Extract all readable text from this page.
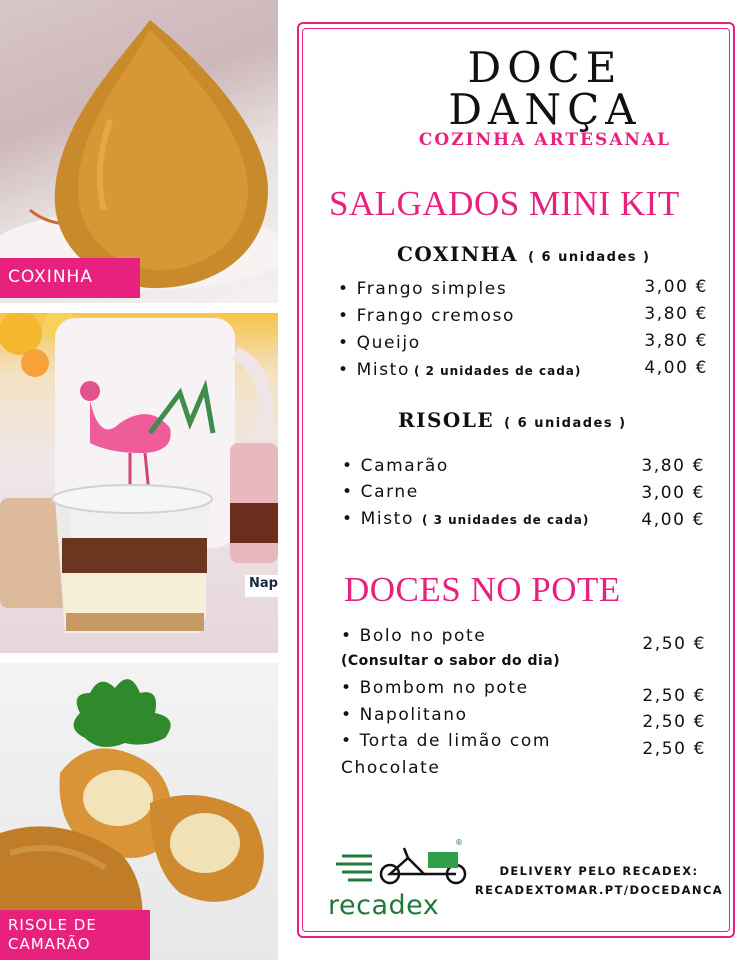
COXINHA
Nap
RISOLE DE
CAMARÃO
DOCE
DANÇA
COZINHA ARTESANAL
SALGADOS MINI KIT
COXINHA ( 6 unidades )
• Frango simples	3,00 €
• Frango cremoso	3,80 €
• Queijo	3,80 €
• Misto ( 2 unidades de cada)	4,00 €
RISOLE ( 6 unidades )
• Camarão	3,80 €
• Carne	3,00 €
• Misto ( 3 unidades de cada)	4,00 €
DOCES NO POTE
• Bolo no pote	2,50 €
(Consultar o sabor do dia)
• Bombom no pote	2,50 €
• Napolitano	2,50 €
• Torta de limão com	2,50 €
Chocolate
®
recadex
DELIVERY PELO RECADEX:
RECADEXTOMAR.PT/DOCEDANCA
